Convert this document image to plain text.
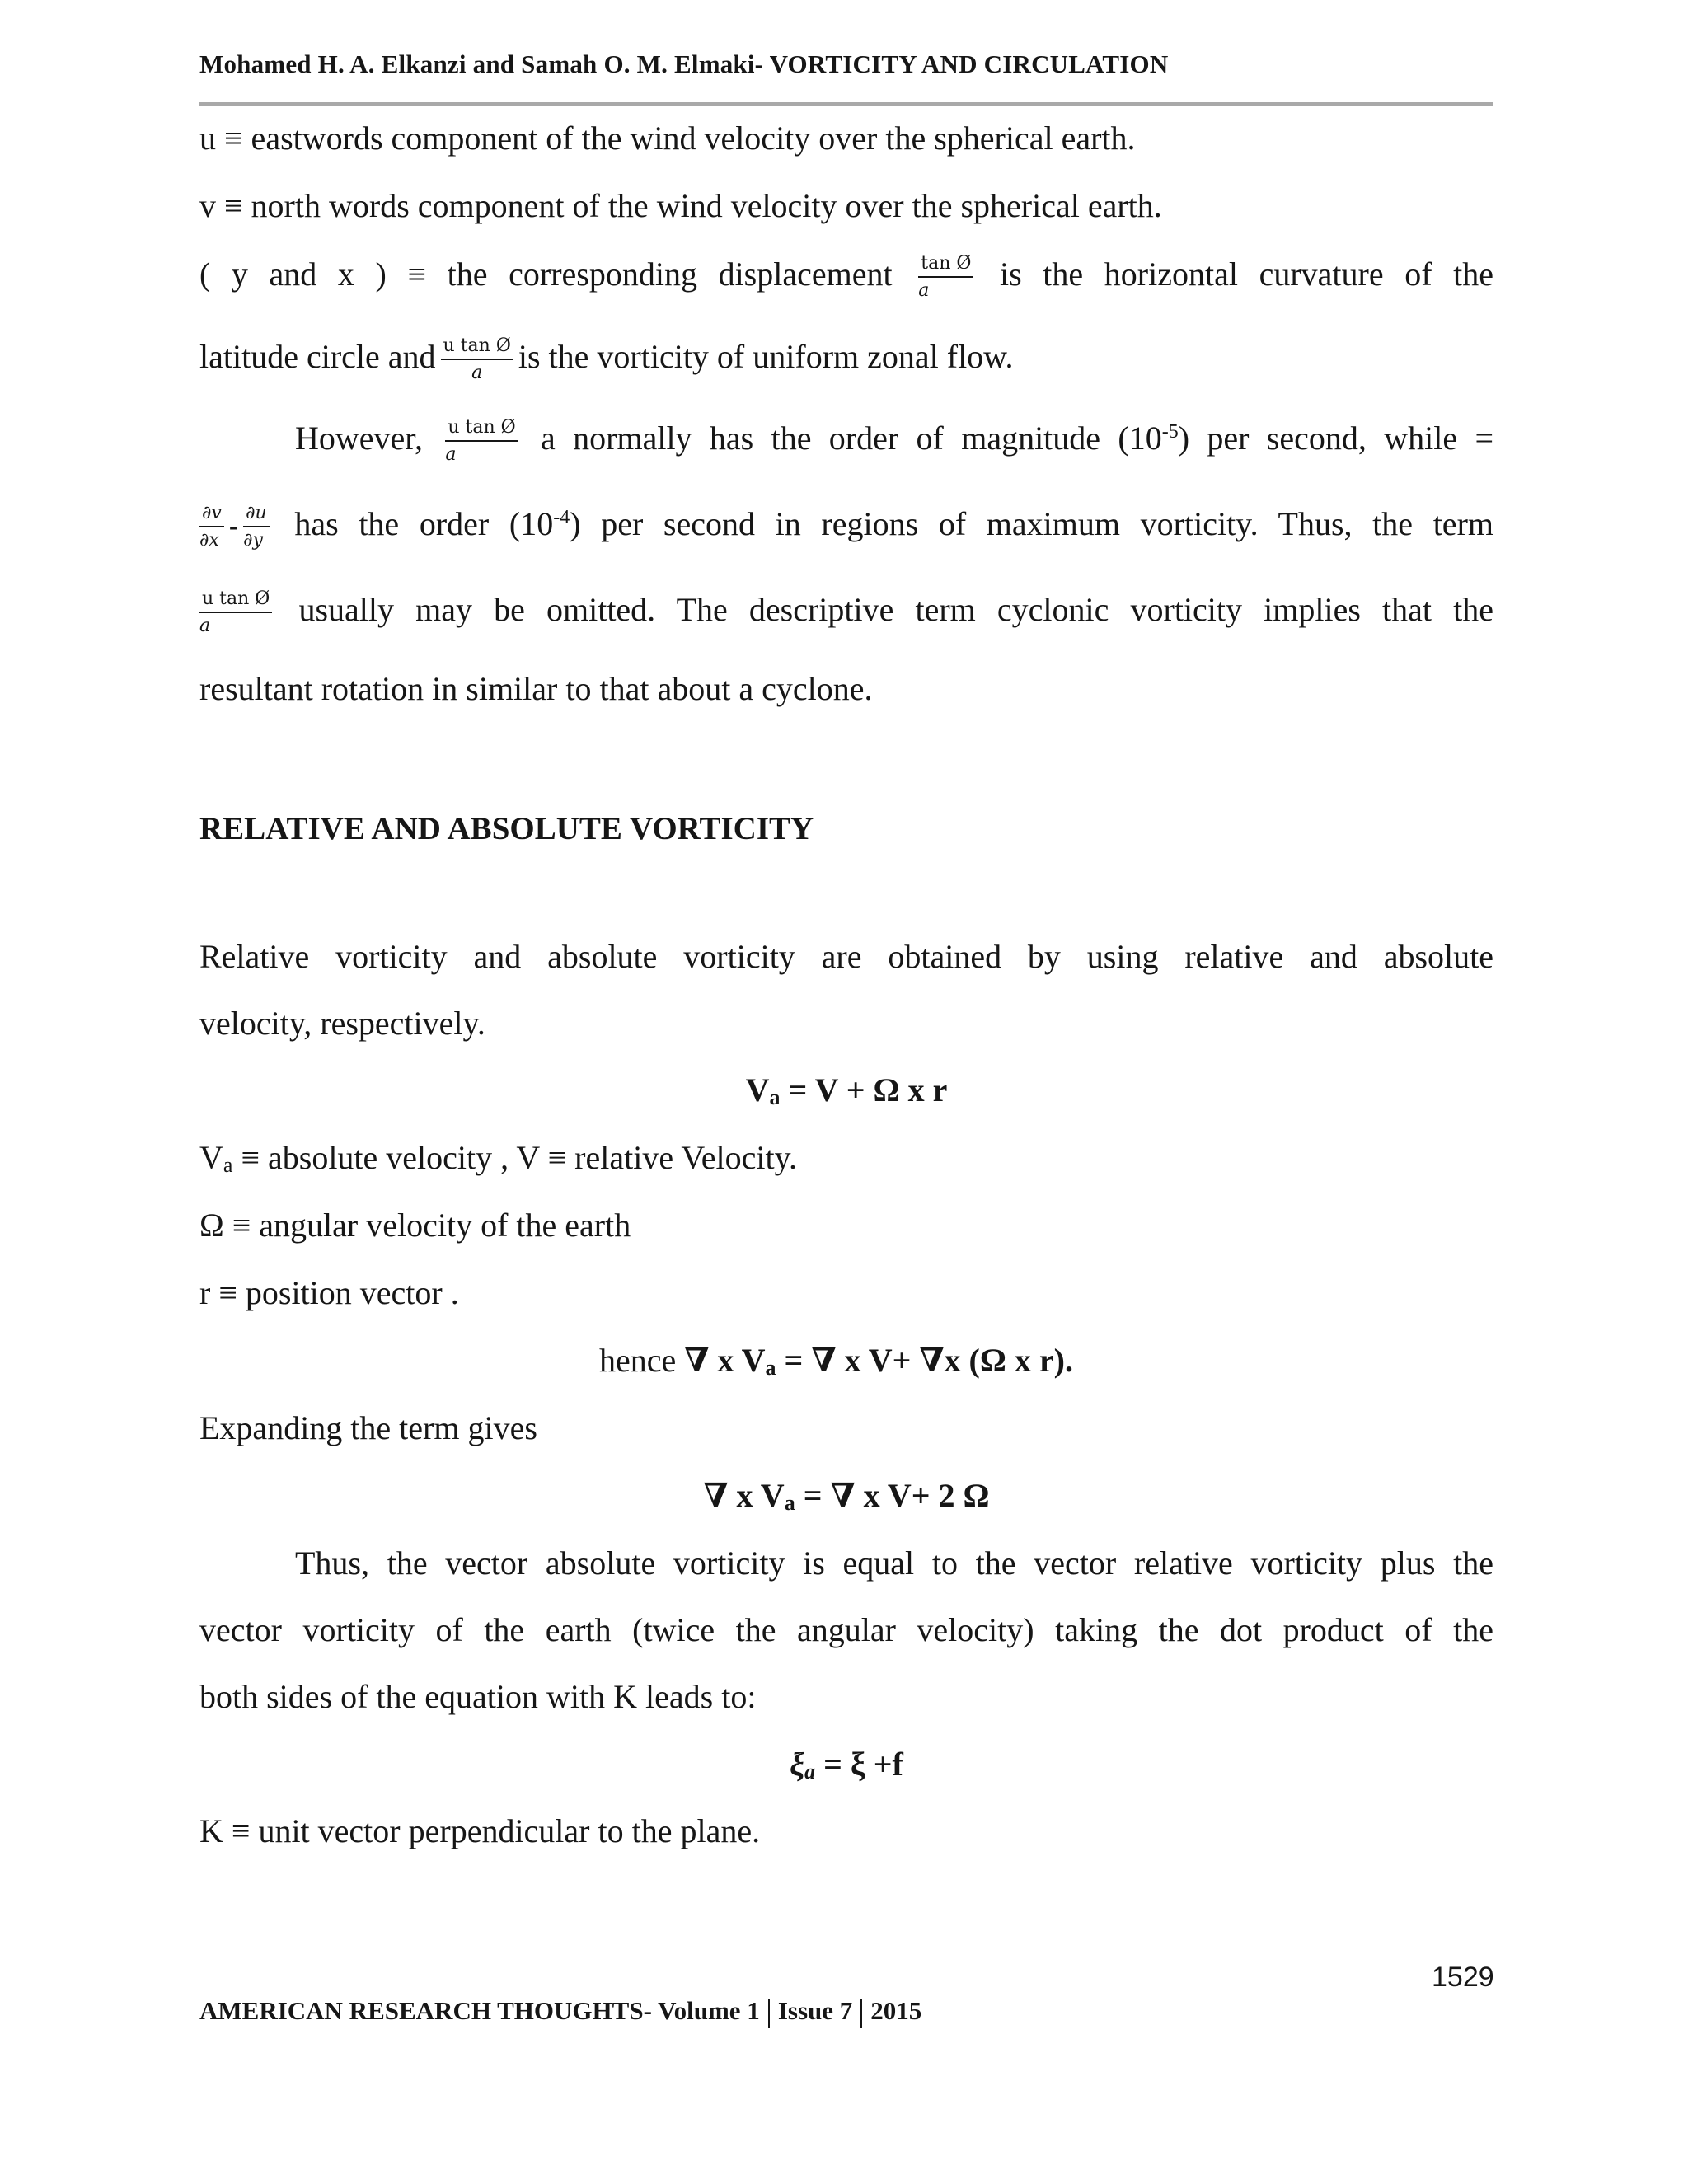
Mohamed H. A. Elkanzi and Samah O. M. Elmaki- VORTICITY AND CIRCULATION
u ≡ eastwords component of the wind velocity over the spherical earth.
v ≡ north words component of the wind velocity over the spherical earth.
( y and x ) ≡ the corresponding displacement $\frac{\text{tan Ø}}{a}$ is the horizontal curvature of the
latitude circle and $\frac{\text{u tan Ø}}{a}$ is the vorticity of uniform zonal flow.
However, $\frac{\text{u tan Ø}}{a}$ a normally has the order of magnitude $(10^{-5})$ per second, while =
$\frac{\partial v}{\partial x} - \frac{\partial u}{\partial y}$ has the order $(10^{-4})$ per second in regions of maximum vorticity. Thus, the term
$\frac{\text{u tan Ø}}{a}$ usually may be omitted. The descriptive term cyclonic vorticity implies that the
resultant rotation in similar to that about a cyclone.
RELATIVE AND ABSOLUTE VORTICITY
Relative vorticity and absolute vorticity are obtained by using relative and absolute
velocity, respectively.
$V_a = V + \Omega$ x r
$V_a$ ≡ absolute velocity , V ≡ relative Velocity.
Ω ≡ angular velocity of the earth
r ≡ position vector .
hence ∇ x $V_a$ = ∇ x V+ ∇x (Ω x r).
Expanding the term gives
∇ x $V_a$ = ∇ x V+ 2 Ω
Thus, the vector absolute vorticity is equal to the vector relative vorticity plus the
vector vorticity of the earth (twice the angular velocity) taking the dot product of the
both sides of the equation with K leads to:
$\xi_a = \xi +f$
K ≡ unit vector perpendicular to the plane.
1529
AMERICAN RESEARCH THOUGHTS- Volume 1 Issue 7 2015
